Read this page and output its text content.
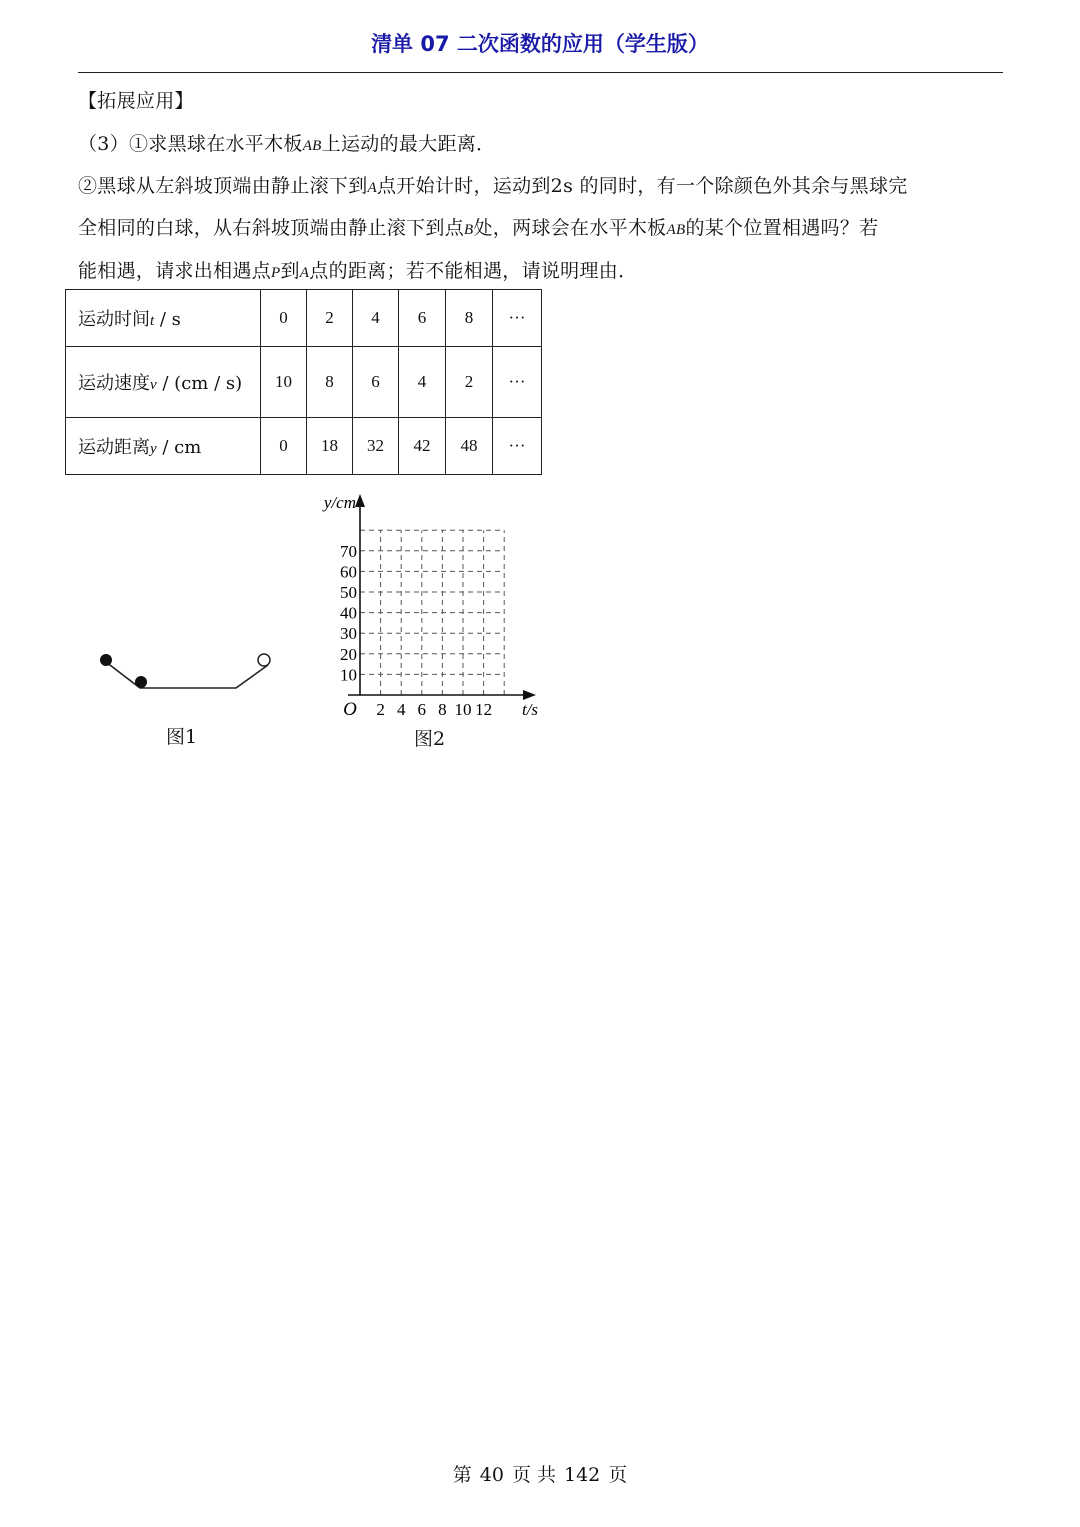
清单 07 二次函数的应用（学生版）
【拓展应用】
（3）①求黑球在水平木板AB上运动的最大距离．
②黑球从左斜坡顶端由静止滚下到A点开始计时，运动到2s 的同时，有一个除颜色外其余与黑球完
全相同的白球，从右斜坡顶端由静止滚下到点B处，两球会在水平木板AB的某个位置相遇吗？若
能相遇，请求出相遇点P到A点的距离；若不能相遇，请说明理由．
运动时间t / s	0	2	4	6	8	···
运动速度v / (cm / s)	10	8	6	4	2	···
运动距离y / cm	0	18	32	42	48	···
图1
10
20
30
40
50
60
70
2 4 6 8 10 12
O
y/cm
t/s
图2
第 40 页 共 142 页
